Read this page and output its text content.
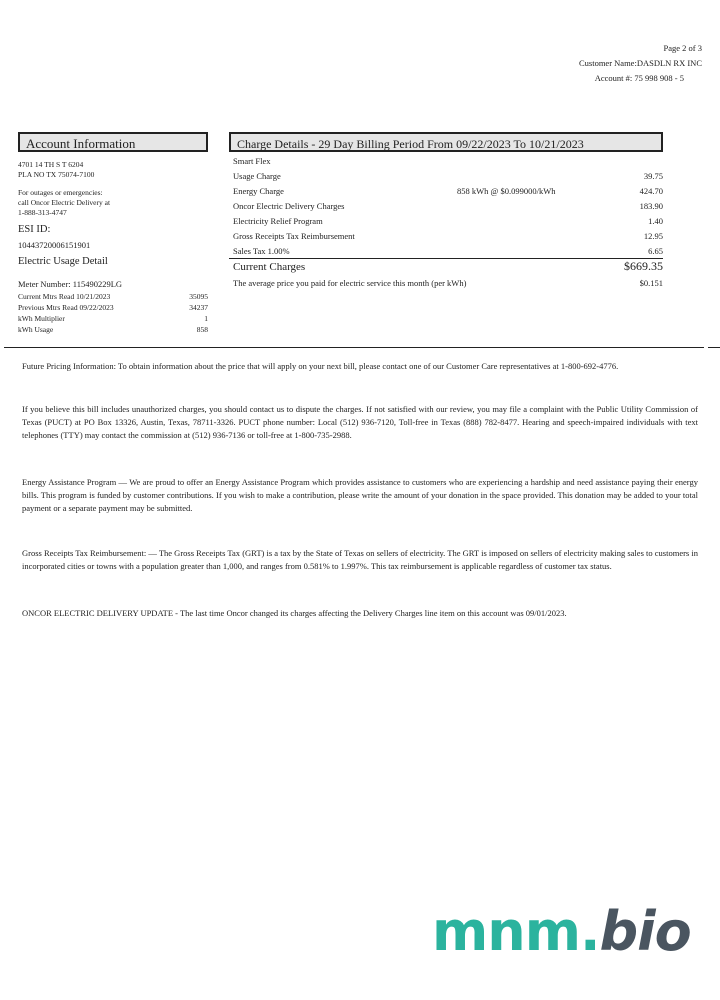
Page 2 of 3
Customer Name:DASDLN RX INC
Account #: 75 998 908 - 5
Account Information
4701 14 TH S T 6204
PLA NO TX 75074-7100
For outages or emergencies:
call Oncor Electric Delivery at
1-888-313-4747
ESI ID:
10443720006151901
Electric Usage Detail
Meter Number: 115490229LG
Current Mtrs Read 10/21/2023	35095
Previous Mtrs Read 09/22/2023	34237
kWh Multiplier	1
kWh Usage	858
Charge Details - 29 Day Billing Period From 09/22/2023 To 10/21/2023
Smart Flex
Usage Charge	39.75
Energy Charge	858 kWh @ $0.099000/kWh	424.70
Oncor Electric Delivery Charges	183.90
Electricity Relief Program	1.40
Gross Receipts Tax Reimbursement	12.95
Sales Tax 1.00%	6.65
Current Charges	$669.35
The average price you paid for electric service this month (per kWh)	$0.151
Future Pricing Information: To obtain information about the price that will apply on your next bill, please contact one of our Customer Care representatives at 1-800-692-4776.
If you believe this bill includes unauthorized charges, you should contact us to dispute the charges. If not satisfied with our review, you may file a complaint with the Public Utility Commission of Texas (PUCT) at PO Box 13326, Austin, Texas, 78711-3326. PUCT phone number: Local (512) 936-7120, Toll-free in Texas (888) 782-8477. Hearing and speech-impaired individuals with text telephones (TTY) may contact the commission at (512) 936-7136 or toll-free at 1-800-735-2988.
Energy Assistance Program — We are proud to offer an Energy Assistance Program which provides assistance to customers who are experiencing a hardship and need assistance paying their energy bills. This program is funded by customer contributions. If you wish to make a contribution, please write the amount of your donation in the space provided. This donation may be added to your total payment or a separate payment may be submitted.
Gross Receipts Tax Reimbursement: — The Gross Receipts Tax (GRT) is a tax by the State of Texas on sellers of electricity. The GRT is imposed on sellers of electricity making sales to customers in incorporated cities or towns with a population greater than 1,000, and ranges from 0.581% to 1.997%. This tax reimbursement is applicable regardless of customer tax status.
ONCOR ELECTRIC DELIVERY UPDATE - The last time Oncor changed its charges affecting the Delivery Charges line item on this account was 09/01/2023.
mnm.bio
